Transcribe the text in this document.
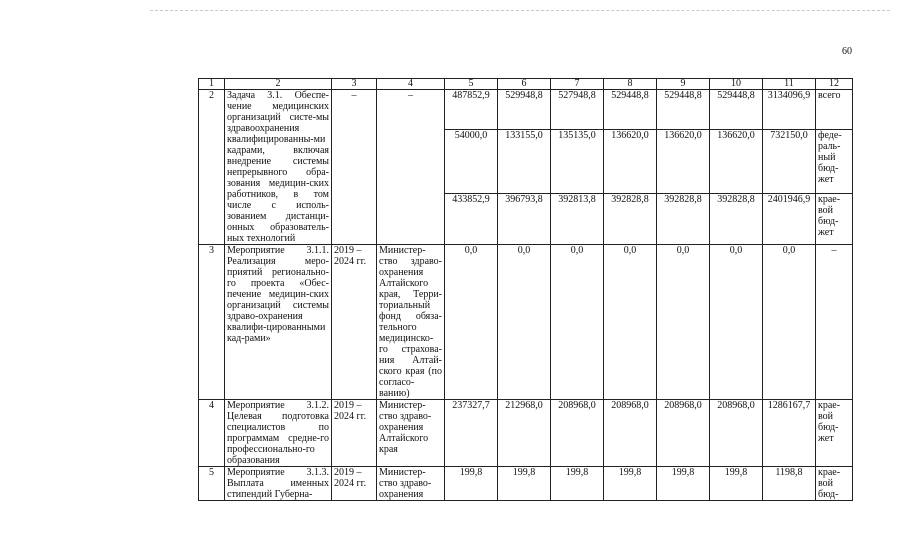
60
1	2	3	4	5	6	7	8	9	10	11	12
2	Задача 3.1. Обеспе-чение медицинских организаций систе-мы здравоохранения квалифицированны-ми кадрами, включая внедрение системы непрерывного обра-зования медицин-ских работников, в том числе с исполь-зованием дистанци-онных образователь-ных технологий	–	–	487852,9	529948,8	527948,8	529448,8	529448,8	529448,8	3134096,9	всего
				54000,0	133155,0	135135,0	136620,0	136620,0	136620,0	732150,0	феде-раль-ный бюд-жет
				433852,9	396793,8	392813,8	392828,8	392828,8	392828,8	2401946,9	крае-вой бюд-жет
3	Мероприятие 3.1.1. Реализация меро-приятий регионально-го проекта «Обес-печение медицин-ских организаций системы здраво-охранения квалифи-цированными кад-рами»	2019 – 2024 гг.	Министер-ство здраво-охранения Алтайского края, Терри-ториальный фонд обяза-тельного медицинско-го страхова-ния Алтай-ского края (по согласо-ванию)	0,0	0,0	0,0	0,0	0,0	0,0	0,0	–
4	Мероприятие 3.1.2. Целевая подготовка специалистов по программам средне-го профессионально-го образования	2019 – 2024 гг.	Министер-ство здраво-охранения Алтайского края	237327,7	212968,0	208968,0	208968,0	208968,0	208968,0	1286167,7	крае-вой бюд-жет
5	Мероприятие 3.1.3. Выплата именных стипендий Губерна-	2019 – 2024 гг.	Министер-ство здраво-охранения	199,8	199,8	199,8	199,8	199,8	199,8	1198,8	крае-вой бюд-
